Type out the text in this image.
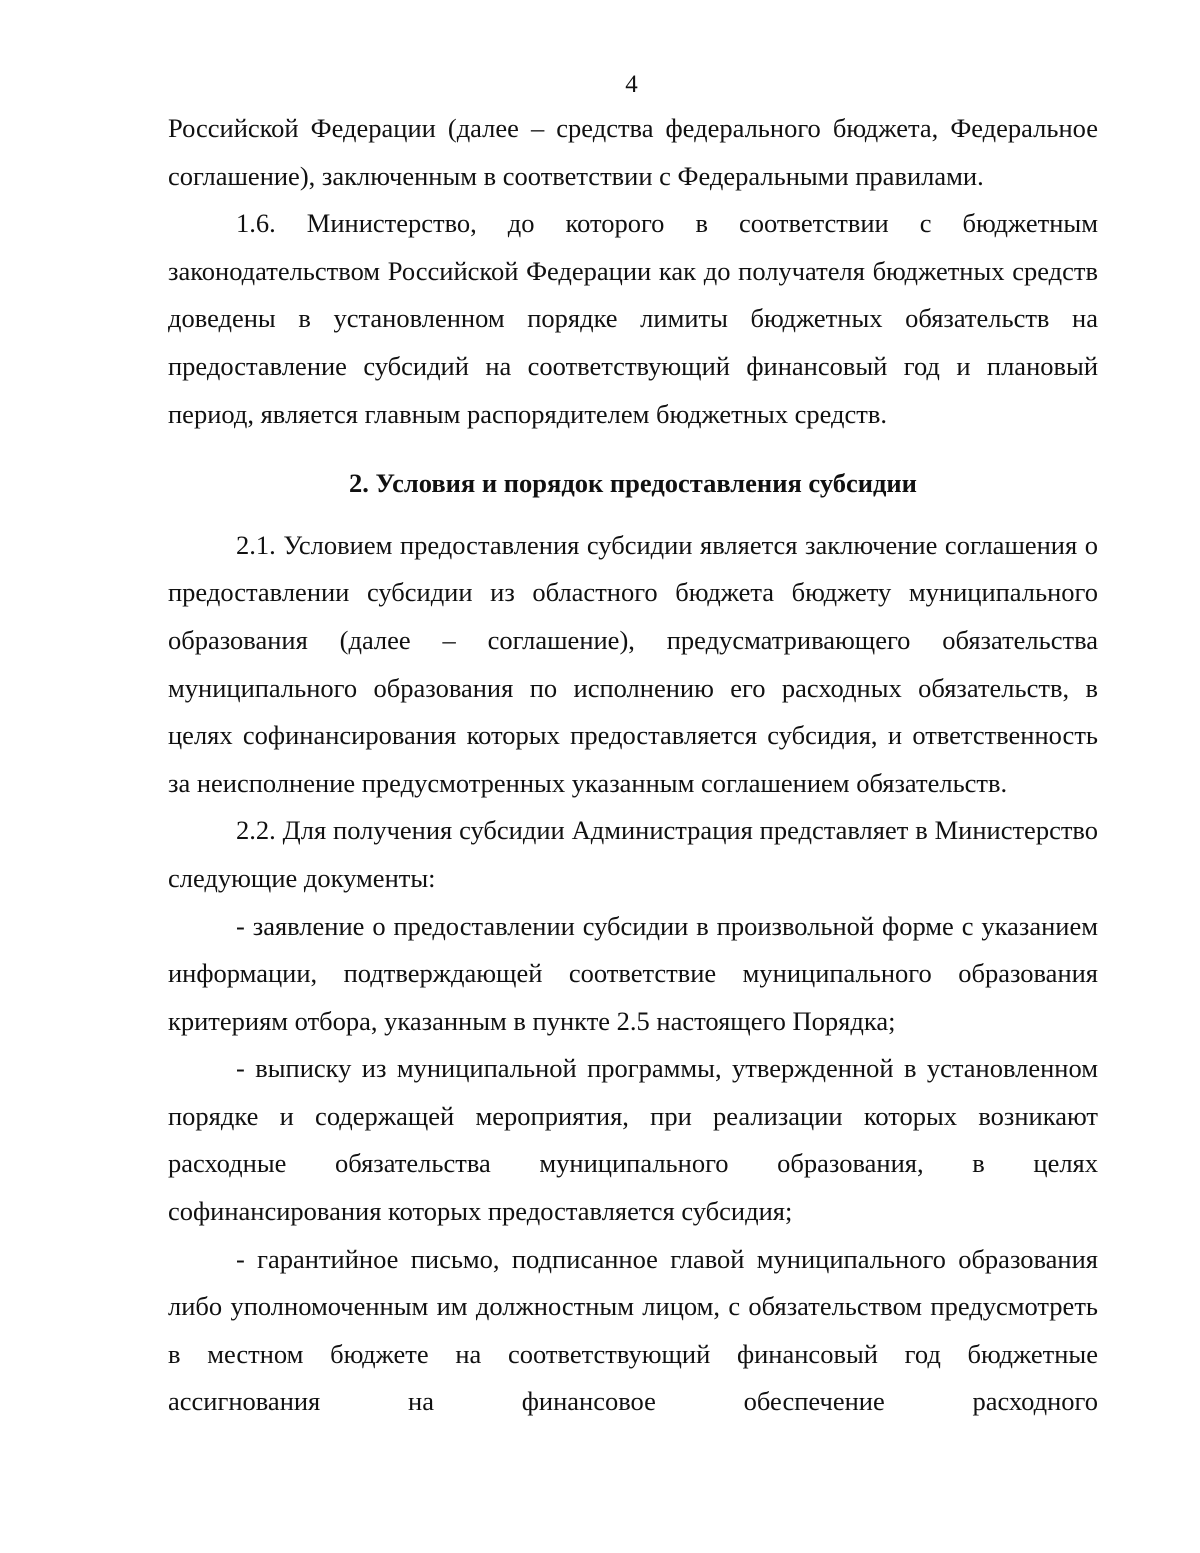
4

Российской Федерации (далее – средства федерального бюджета, Федеральное соглашение), заключенным в соответствии с Федеральными правилами.

1.6. Министерство, до которого в соответствии с бюджетным законодательством Российской Федерации как до получателя бюджетных средств доведены в установленном порядке лимиты бюджетных обязательств на предоставление субсидий на соответствующий финансовый год и плановый период, является главным распорядителем бюджетных средств.

2. Условия и порядок предоставления субсидии

2.1. Условием предоставления субсидии является заключение соглашения о предоставлении субсидии из областного бюджета бюджету муниципального образования (далее – соглашение), предусматривающего обязательства муниципального образования по исполнению его расходных обязательств, в целях софинансирования которых предоставляется субсидия, и ответственность за неисполнение предусмотренных указанным соглашением обязательств.

2.2. Для получения субсидии Администрация представляет в Министерство следующие документы:

- заявление о предоставлении субсидии в произвольной форме с указанием информации, подтверждающей соответствие муниципального образования критериям отбора, указанным в пункте 2.5 настоящего Порядка;

- выписку из муниципальной программы, утвержденной в установленном порядке и содержащей мероприятия, при реализации которых возникают расходные обязательства муниципального образования, в целях софинансирования которых предоставляется субсидия;

- гарантийное письмо, подписанное главой муниципального образования либо уполномоченным им должностным лицом, с обязательством предусмотреть в местном бюджете на соответствующий финансовый год бюджетные ассигнования на финансовое обеспечение расходного
